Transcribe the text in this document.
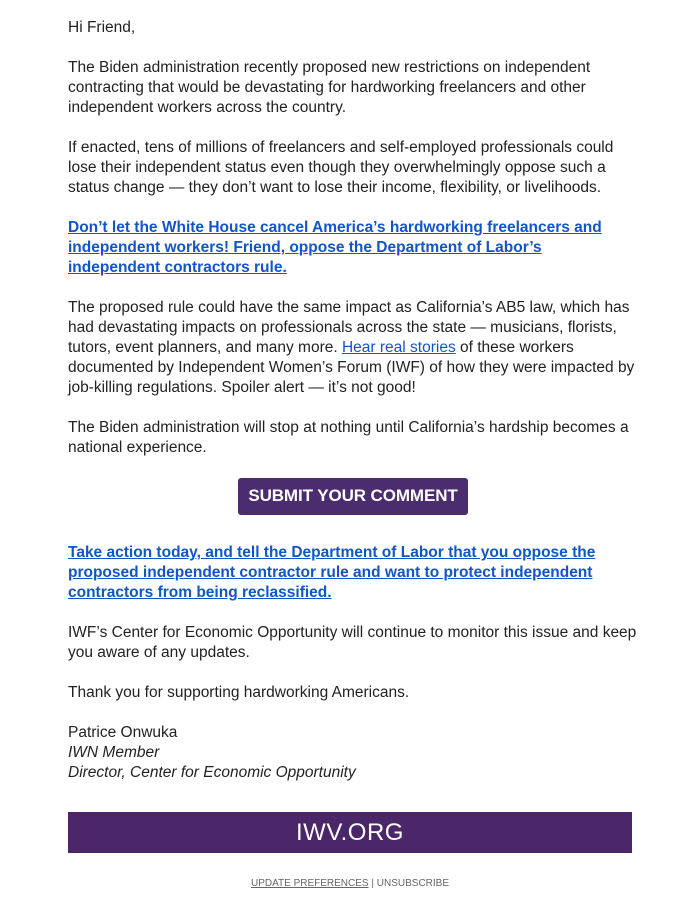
Hi Friend,

The Biden administration recently proposed new restrictions on independent contracting that would be devastating for hardworking freelancers and other independent workers across the country.

If enacted, tens of millions of freelancers and self-employed professionals could lose their independent status even though they overwhelmingly oppose such a status change — they don’t want to lose their income, flexibility, or livelihoods.

Don’t let the White House cancel America’s hardworking freelancers and independent workers! Friend, oppose the Department of Labor’s independent contractors rule.

The proposed rule could have the same impact as California’s AB5 law, which has had devastating impacts on professionals across the state — musicians, florists, tutors, event planners, and many more. Hear real stories of these workers documented by Independent Women’s Forum (IWF) of how they were impacted by job-killing regulations. Spoiler alert — it’s not good!

The Biden administration will stop at nothing until California’s hardship becomes a national experience.

SUBMIT YOUR COMMENT

Take action today, and tell the Department of Labor that you oppose the proposed independent contractor rule and want to protect independent contractors from being reclassified.

IWF’s Center for Economic Opportunity will continue to monitor this issue and keep you aware of any updates.

Thank you for supporting hardworking Americans.

Patrice Onwuka

IWN Member

Director, Center for Economic Opportunity

IWV.ORG
UPDATE PREFERENCES | UNSUBSCRIBE
